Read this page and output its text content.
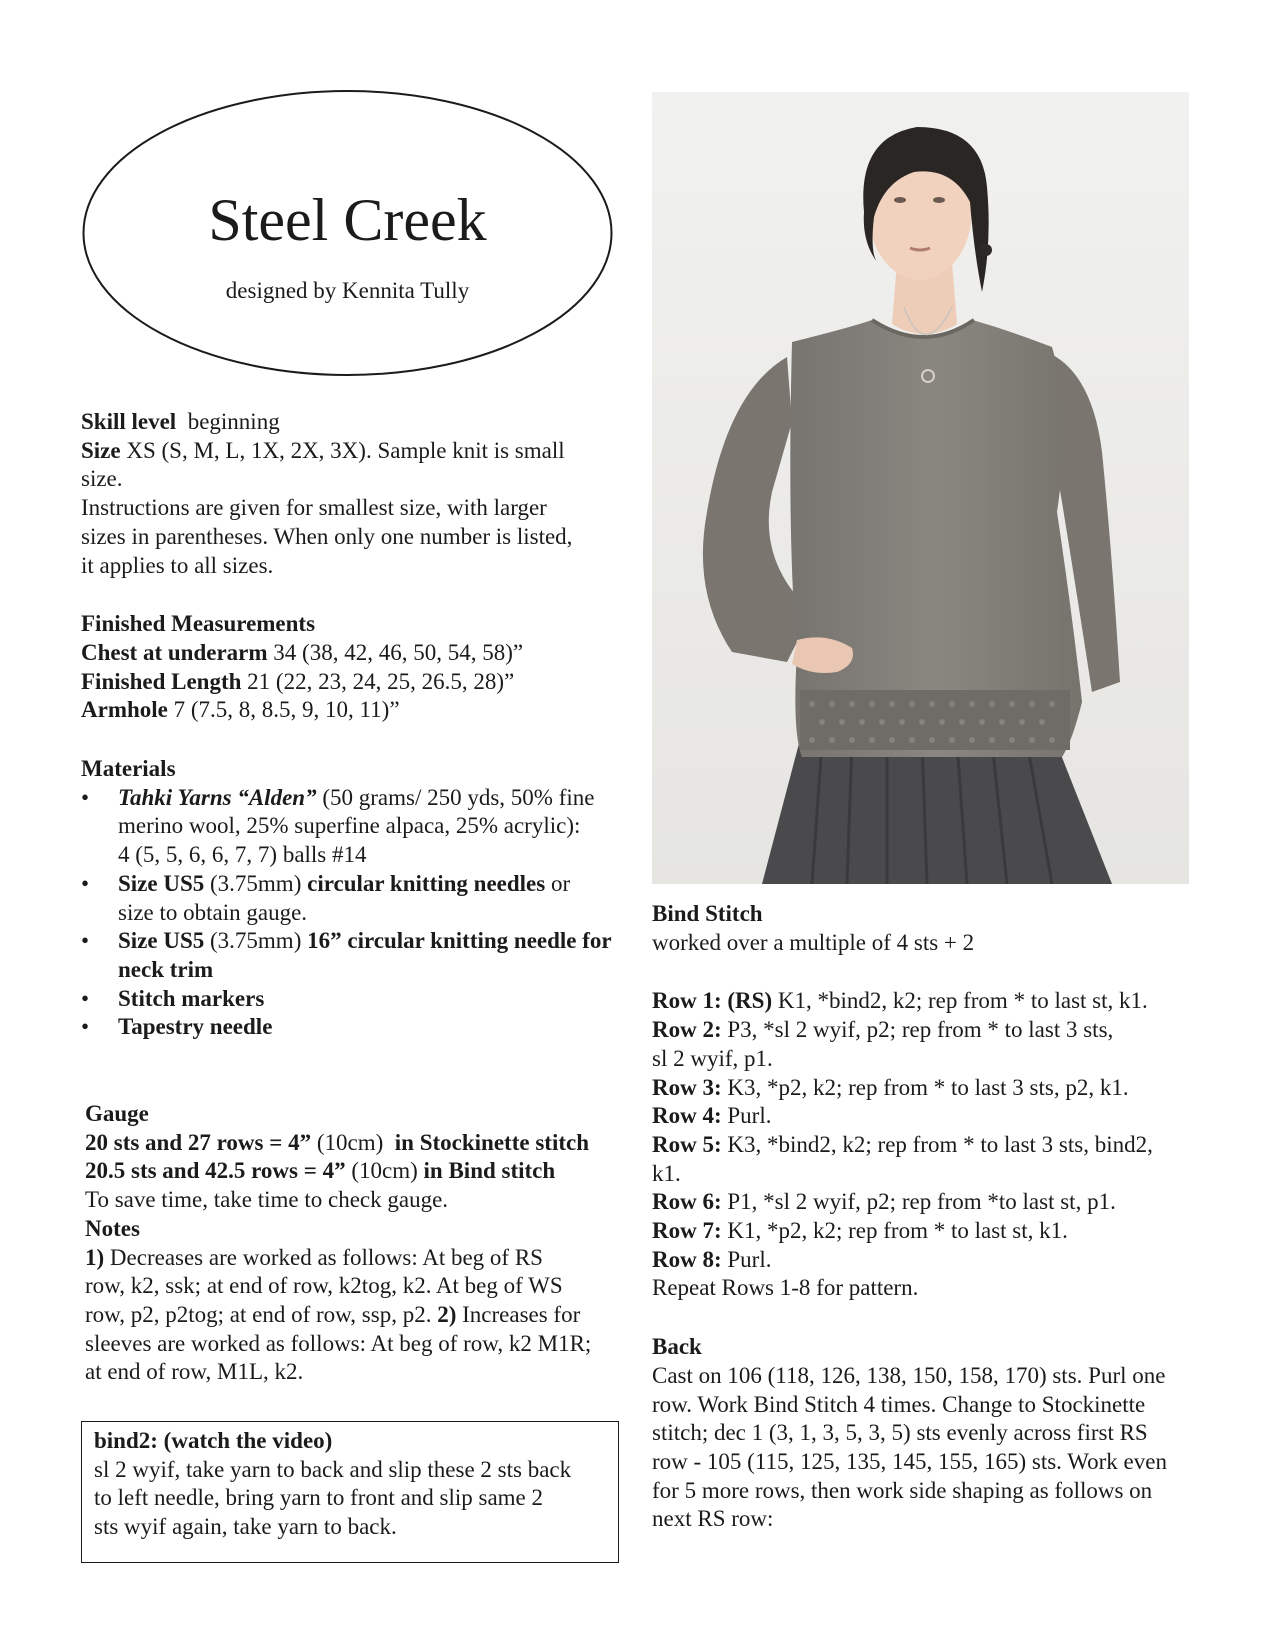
Steel Creek
designed by Kennita Tully
Skill level beginning
Size XS (S, M, L, 1X, 2X, 3X). Sample knit is small
size.
Instructions are given for smallest size, with larger
sizes in parentheses. When only one number is listed,
it applies to all sizes.
Finished Measurements
Chest at underarm 34 (38, 42, 46, 50, 54, 58)”
Finished Length 21 (22, 23, 24, 25, 26.5, 28)”
Armhole 7 (7.5, 8, 8.5, 9, 10, 11)”
Materials
• Tahki Yarns “Alden” (50 grams/ 250 yds, 50% fine
merino wool, 25% superfine alpaca, 25% acrylic):
4 (5, 5, 6, 6, 7, 7) balls #14
• Size US5 (3.75mm) circular knitting needles or
size to obtain gauge.
• Size US5 (3.75mm) 16” circular knitting needle for
neck trim
• Stitch markers
• Tapestry needle
Gauge
20 sts and 27 rows = 4” (10cm) in Stockinette stitch
20.5 sts and 42.5 rows = 4” (10cm) in Bind stitch
To save time, take time to check gauge.
Notes
1) Decreases are worked as follows: At beg of RS
row, k2, ssk; at end of row, k2tog, k2. At beg of WS
row, p2, p2tog; at end of row, ssp, p2. 2) Increases for
sleeves are worked as follows: At beg of row, k2 M1R;
at end of row, M1L, k2.
bind2: (watch the video)
sl 2 wyif, take yarn to back and slip these 2 sts back
to left needle, bring yarn to front and slip same 2
sts wyif again, take yarn to back.
Bind Stitch
worked over a multiple of 4 sts + 2
Row 1: (RS) K1, *bind2, k2; rep from * to last st, k1.
Row 2: P3, *sl 2 wyif, p2; rep from * to last 3 sts,
sl 2 wyif, p1.
Row 3: K3, *p2, k2; rep from * to last 3 sts, p2, k1.
Row 4: Purl.
Row 5: K3, *bind2, k2; rep from * to last 3 sts, bind2,
k1.
Row 6: P1, *sl 2 wyif, p2; rep from *to last st, p1.
Row 7: K1, *p2, k2; rep from * to last st, k1.
Row 8: Purl.
Repeat Rows 1-8 for pattern.
Back
Cast on 106 (118, 126, 138, 150, 158, 170) sts. Purl one
row. Work Bind Stitch 4 times. Change to Stockinette
stitch; dec 1 (3, 1, 3, 5, 3, 5) sts evenly across first RS
row - 105 (115, 125, 135, 145, 155, 165) sts. Work even
for 5 more rows, then work side shaping as follows on
next RS row:
